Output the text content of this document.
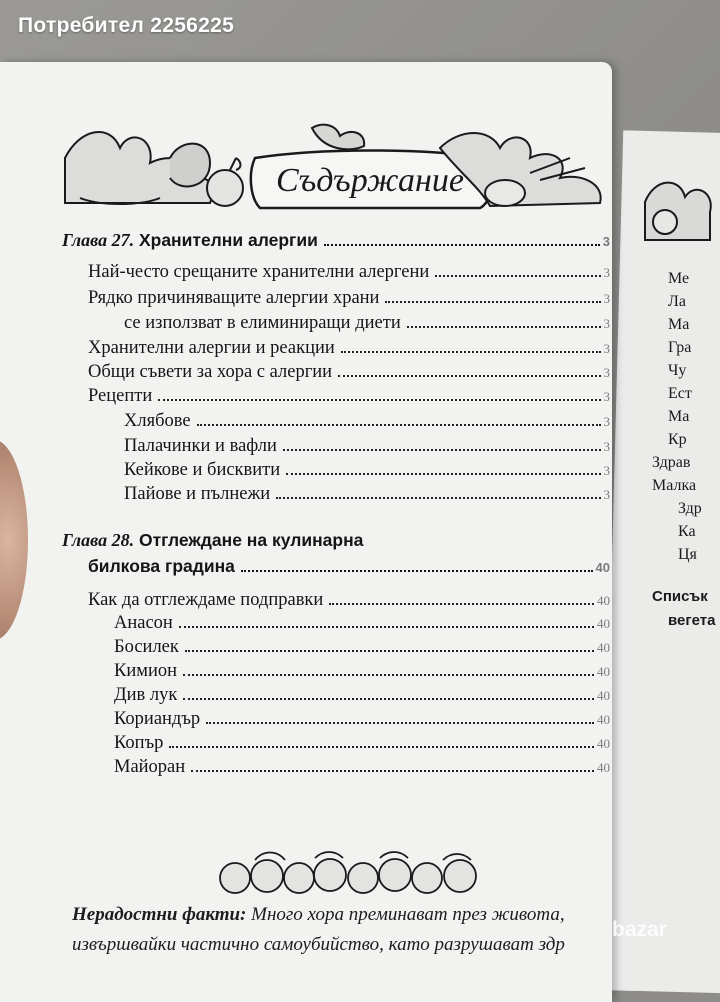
Съдържание
Глава 27. Хранителни алергии	3
Най-често срещаните хранителни алергени	3
Рядко причиняващите алергии храни	3
се използват в елиминиращи диети	3
Хранителни алергии и реакции	3
Общи съвети за хора с алергии	3
Рецепти	3
Хлябове	3
Палачинки и вафли	3
Кейкове и бисквити	3
Пайове и пълнежи	3
Глава 28. Отглеждане на кулинарна
билкова градина	40
Как да отглеждаме подправки	40
Анасон	40
Босилек	40
Кимион	40
Див лук	40
Кориандър	40
Копър	40
Майоран	40
Ме
Ла
Ма
Гра
Чу
Ест
Ма
Кр
Здрав
Малка
Здр
Ка
Ця
Списък
вегета
Нерадостни факти: Много хора преминават през живота,
извършвайки частично самоубийство, като разрушават здр
Потребител 2256225
bazar
